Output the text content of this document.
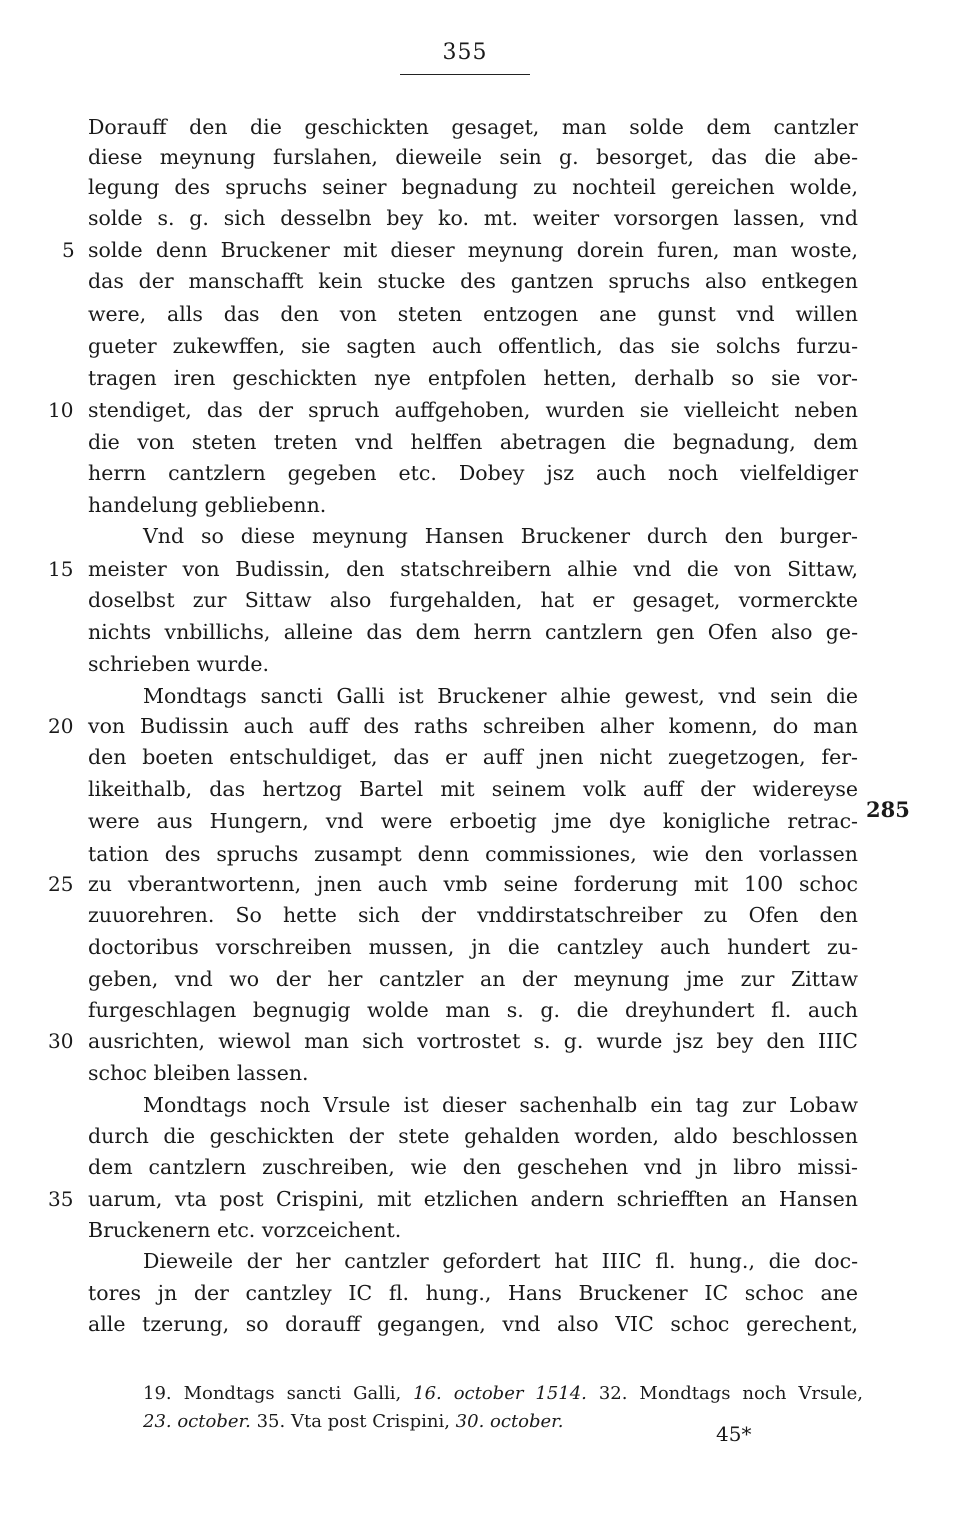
355
Dorauff den die geschickten gesaget, man solde dem cantzler
diese meynung furslahen, dieweile sein g. besorget, das die abe-
legung des spruchs seiner begnadung zu nochteil gereichen wolde,
solde s. g. sich desselbn bey ko. mt. weiter vorsorgen lassen, vnd
solde denn Bruckener mit dieser meynung dorein furen, man woste,
das der manschafft kein stucke des gantzen spruchs also entkegen
were, alls das den von steten entzogen ane gunst vnd willen
gueter zukewffen, sie sagten auch offentlich, das sie solchs furzu-
tragen iren geschickten nye entpfolen hetten, derhalb so sie vor-
stendiget, das der spruch auffgehoben, wurden sie vielleicht neben
die von steten treten vnd helffen abetragen die begnadung, dem
herrn cantzlern gegeben etc. Dobey jsz auch noch vielfeldiger
handelung gebliebenn.
Vnd so diese meynung Hansen Bruckener durch den burger-
meister von Budissin, den statschreibern alhie vnd die von Sittaw,
doselbst zur Sittaw also furgehalden, hat er gesaget, vormerckte
nichts vnbillichs, alleine das dem herrn cantzlern gen Ofen also ge-
schrieben wurde.
Mondtags sancti Galli ist Bruckener alhie gewest, vnd sein die
von Budissin auch auff des raths schreiben alher komenn, do man
den boeten entschuldiget, das er auff jnen nicht zuegetzogen, fer-
likeithalb, das hertzog Bartel mit seinem volk auff der widereyse
were aus Hungern, vnd were erboetig jme dye konigliche retrac-
tation des spruchs zusampt denn commissiones, wie den vorlassen
zu vberantwortenn, jnen auch vmb seine forderung mit 100 schoc
zuuorehren. So hette sich der vnddirstatschreiber zu Ofen den
doctoribus vorschreiben mussen, jn die cantzley auch hundert zu-
geben, vnd wo der her cantzler an der meynung jme zur Zittaw
furgeschlagen begnugig wolde man s. g. die dreyhundert fl. auch
ausrichten, wiewol man sich vortrostet s. g. wurde jsz bey den IIIC
schoc bleiben lassen.
Mondtags noch Vrsule ist dieser sachenhalb ein tag zur Lobaw
durch die geschickten der stete gehalden worden, aldo beschlossen
dem cantzlern zuschreiben, wie den geschehen vnd jn libro missi-
uarum, vta post Crispini, mit etzlichen andern schriefften an Hansen
Bruckenern etc. vorzceichent.
Dieweile der her cantzler gefordert hat IIIC fl. hung., die doc-
tores jn der cantzley IC fl. hung., Hans Bruckener IC schoc ane
alle tzerung, so dorauff gegangen, vnd also VIC schoc gerechent,
5
10
15
20
25
30
35
285
19. Mondtags sancti Galli, 16. october 1514. 32. Mondtags noch Vrsule,
23. october. 35. Vta post Crispini, 30. october.
45*
